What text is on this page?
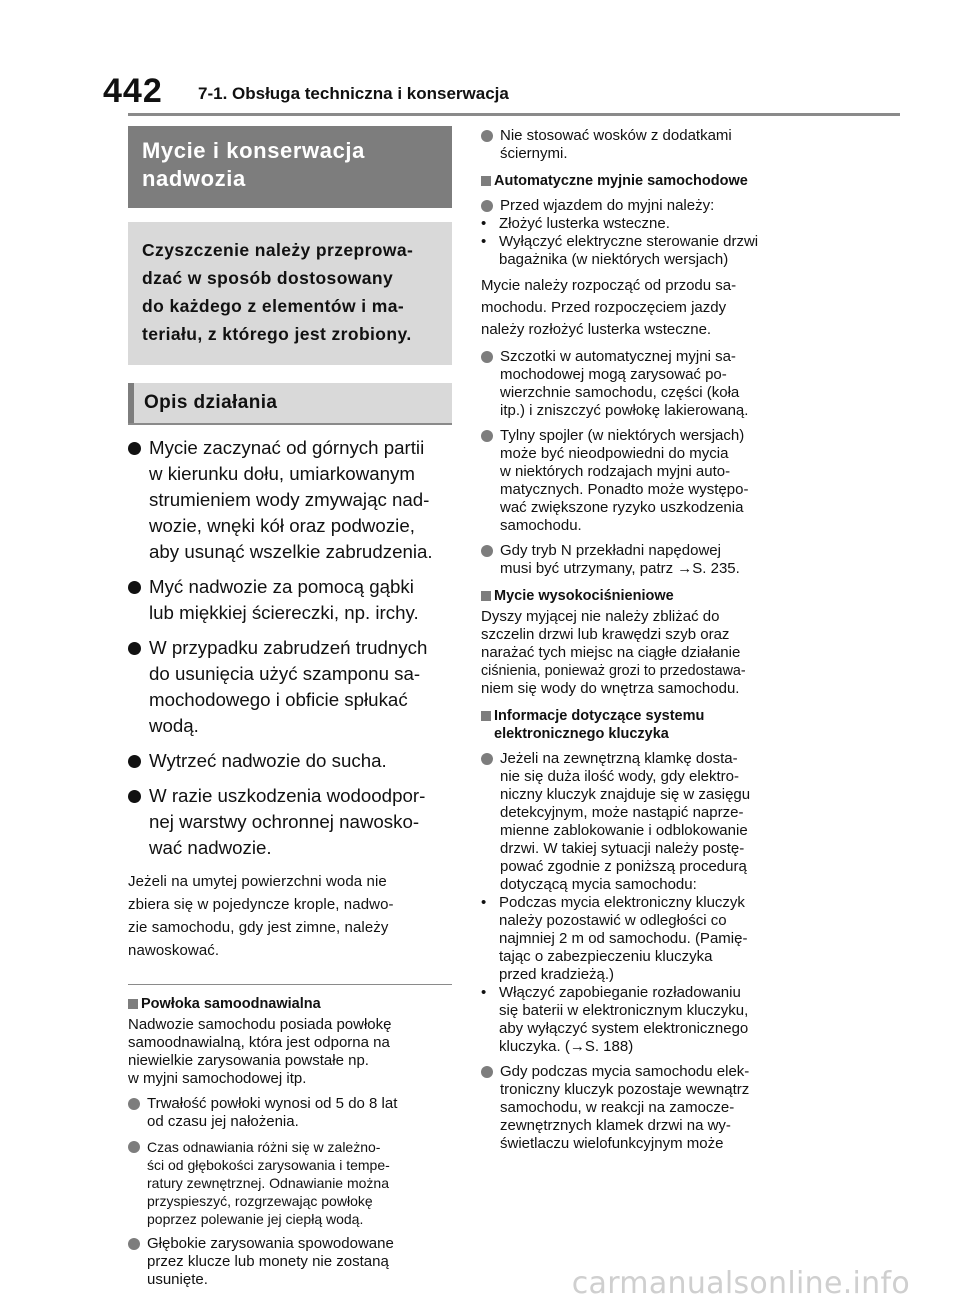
442 7-1. Obsługa techniczna i konserwacja
Mycie i konserwacja
nadwozia
Czyszczenie należy przeprowa-
dzać w sposób dostosowany
do każdego z elementów i ma-
teriału, z którego jest zrobiony.
Opis działania
Mycie zaczynać od górnych partii
w kierunku dołu, umiarkowanym
strumieniem wody zmywając nad-
wozie, wnęki kół oraz podwozie,
aby usunąć wszelkie zabrudzenia.
Myć nadwozie za pomocą gąbki
lub miękkiej ściereczki, np. irchy.
W przypadku zabrudzeń trudnych
do usunięcia użyć szamponu sa-
mochodowego i obficie spłukać
wodą.
Wytrzeć nadwozie do sucha.
W razie uszkodzenia wodoodpor-
nej warstwy ochronnej nawosko-
wać nadwozie.
Jeżeli na umytej powierzchni woda nie
zbiera się w pojedyncze krople, nadwo-
zie samochodu, gdy jest zimne, należy
nawoskować.
Powłoka samoodnawialna
Nadwozie samochodu posiada powłokę
samoodnawialną, która jest odporna na
niewielkie zarysowania powstałe np.
w myjni samochodowej itp.
Trwałość powłoki wynosi od 5 do 8 lat
od czasu jej nałożenia.
Czas odnawiania różni się w zależno-
ści od głębokości zarysowania i tempe-
ratury zewnętrznej. Odnawianie można
przyspieszyć, rozgrzewając powłokę
poprzez polewanie jej ciepłą wodą.
Głębokie zarysowania spowodowane
przez klucze lub monety nie zostaną
usunięte.
Nie stosować wosków z dodatkami
ściernymi.
Automatyczne myjnie samochodowe
Przed wjazdem do myjni należy:
• Złożyć lusterka wsteczne.
• Wyłączyć elektryczne sterowanie drzwi
bagażnika (w niektórych wersjach)
Mycie należy rozpocząć od przodu sa-
mochodu. Przed rozpoczęciem jazdy
należy rozłożyć lusterka wsteczne.
Szczotki w automatycznej myjni sa-
mochodowej mogą zarysować po-
wierzchnie samochodu, części (koła
itp.) i zniszczyć powłokę lakierowaną.
Tylny spojler (w niektórych wersjach)
może być nieodpowiedni do mycia
w niektórych rodzajach myjni auto-
matycznych. Ponadto może występo-
wać zwiększone ryzyko uszkodzenia
samochodu.
Gdy tryb N przekładni napędowej
musi być utrzymany, patrz →S. 235.
Mycie wysokociśnieniowe
Dyszy myjącej nie należy zbliżać do
szczelin drzwi lub krawędzi szyb oraz
narażać tych miejsc na ciągłe działanie
ciśnienia, ponieważ grozi to przedostawa-
niem się wody do wnętrza samochodu.
Informacje dotyczące systemu
elektronicznego kluczyka
Jeżeli na zewnętrzną klamkę dosta-
nie się duża ilość wody, gdy elektro-
niczny kluczyk znajduje się w zasięgu
detekcyjnym, może nastąpić naprze-
mienne zablokowanie i odblokowanie
drzwi. W takiej sytuacji należy postę-
pować zgodnie z poniższą procedurą
dotyczącą mycia samochodu:
• Podczas mycia elektroniczny kluczyk
należy pozostawić w odległości co
najmniej 2 m od samochodu. (Pamię-
tając o zabezpieczeniu kluczyka
przed kradzieżą.)
• Włączyć zapobieganie rozładowaniu
się baterii w elektronicznym kluczyku,
aby wyłączyć system elektronicznego
kluczyka. (→S. 188)
Gdy podczas mycia samochodu elek-
troniczny kluczyk pozostaje wewnątrz
samochodu, w reakcji na zamocze-
zewnętrznych klamek drzwi na wy-
świetlaczu wielofunkcyjnym może
carmanualsonline.info
